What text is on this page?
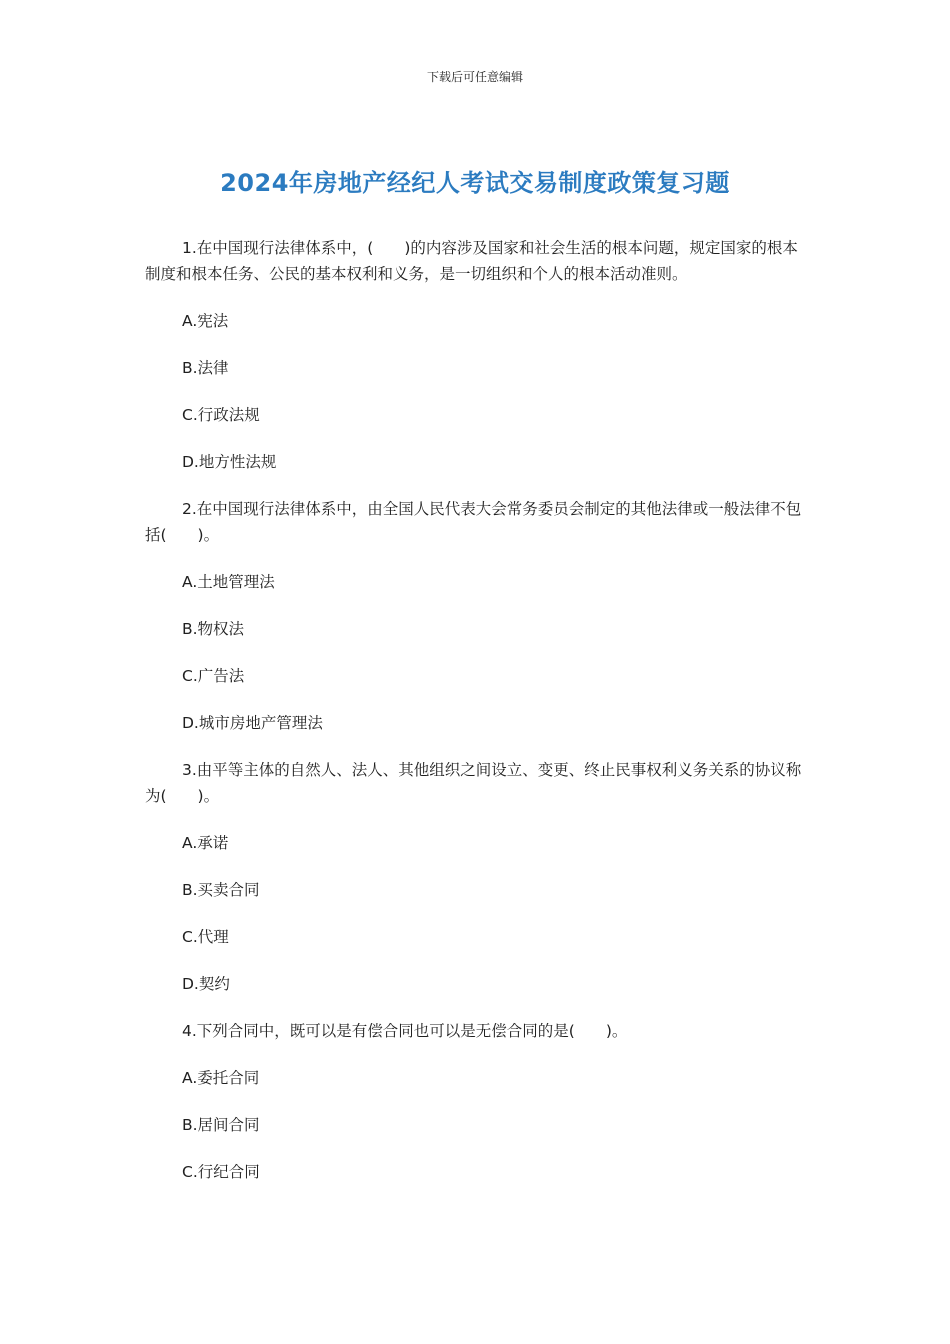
下载后可任意编辑
2024年房地产经纪人考试交易制度政策复习题

1.在中国现行法律体系中，(　　)的内容涉及国家和社会生活的根本问题，规定国家的根本制度和根本任务、公民的基本权利和义务，是一切组织和个人的根本活动准则。

A.宪法
B.法律
C.行政法规
D.地方性法规

2.在中国现行法律体系中，由全国人民代表大会常务委员会制定的其他法律或一般法律不包括(　　)。

A.土地管理法
B.物权法
C.广告法
D.城市房地产管理法

3.由平等主体的自然人、法人、其他组织之间设立、变更、终止民事权利义务关系的协议称为(　　)。

A.承诺
B.买卖合同
C.代理
D.契约

4.下列合同中，既可以是有偿合同也可以是无偿合同的是(　　)。

A.委托合同
B.居间合同
C.行纪合同
